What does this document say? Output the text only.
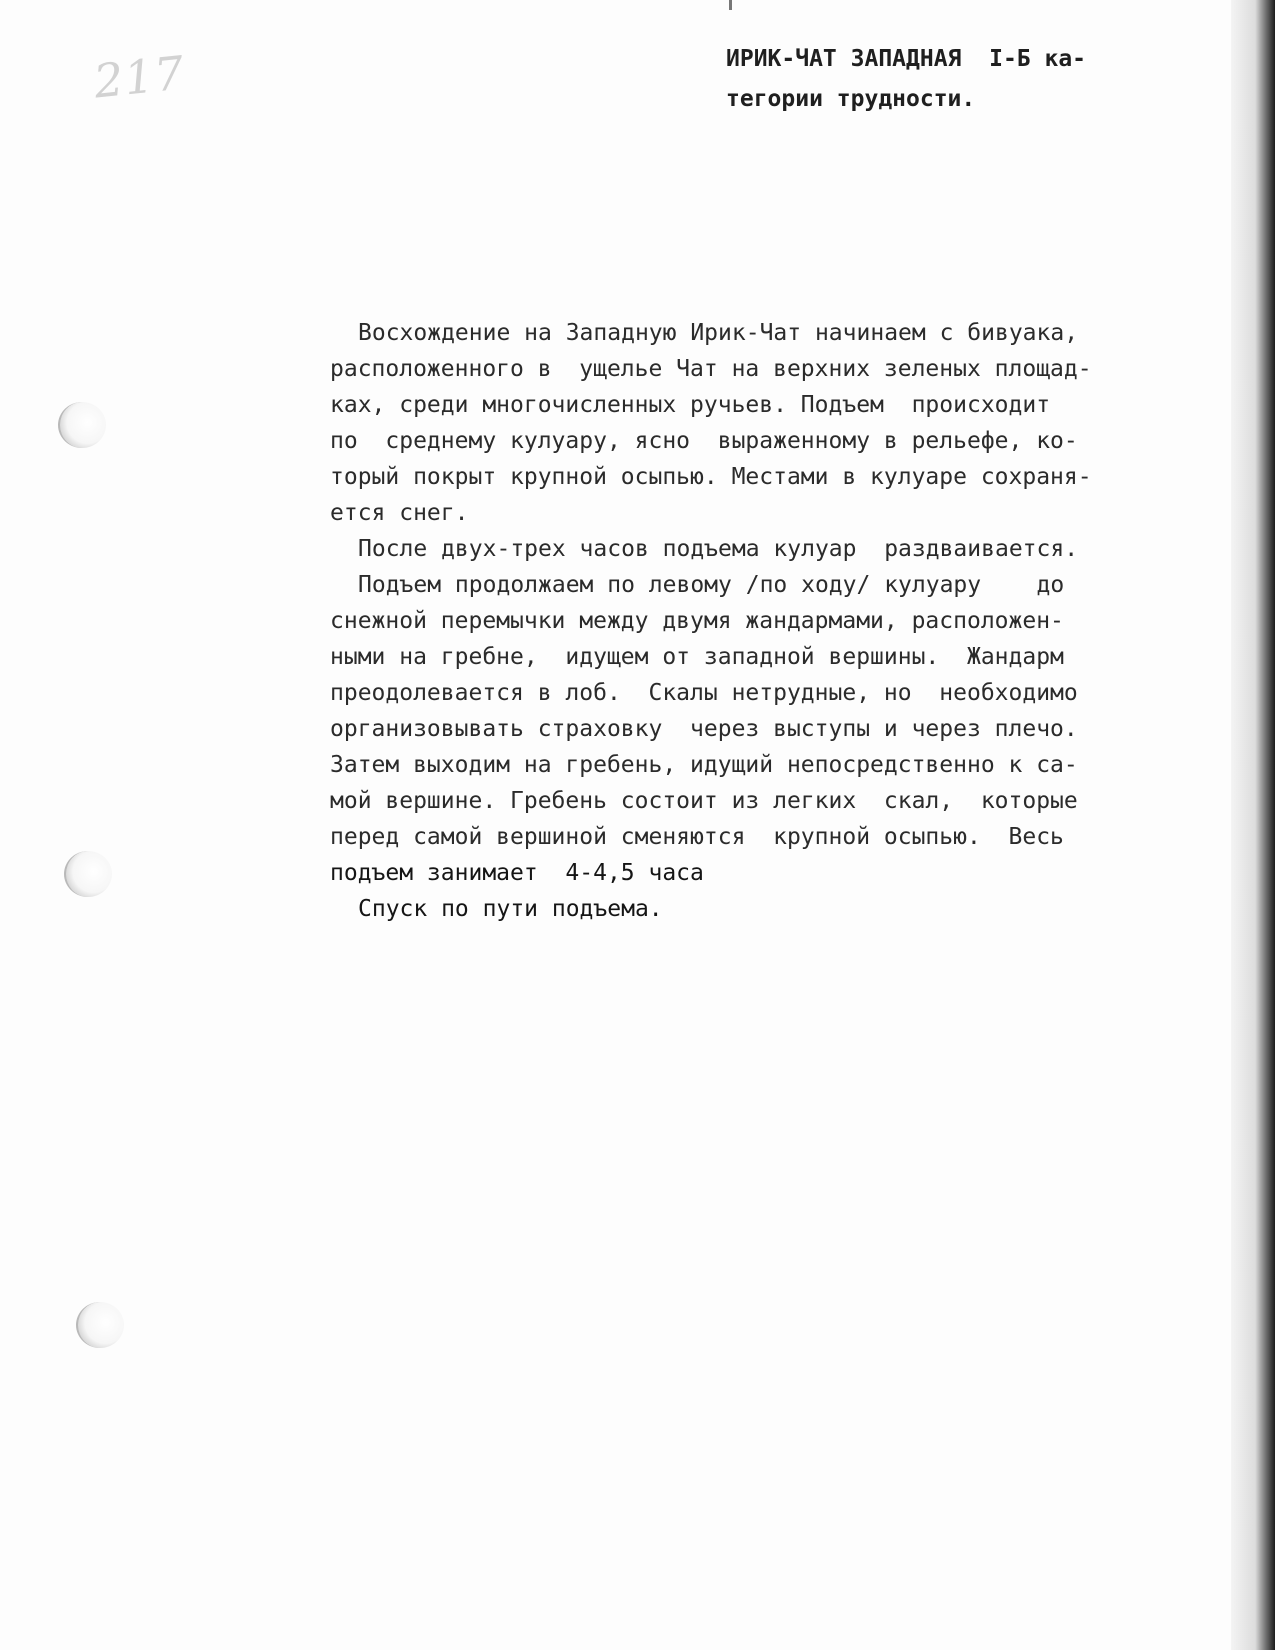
217	ИРИК-ЧАТ ЗАПАДНАЯ  I-Б ка-

тегории трудности.

Восхождение на Западную Ирик-Чат начинаем с бивуака,

расположенного в  ущелье Чат на верхних зеленых площад-

ках, среди многочисленных ручьев. Подъем  происходит

по  среднему кулуару, ясно  выраженному в рельефе, ко-

торый покрыт крупной осыпью. Местами в кулуаре сохраня-

ется снег.

После двух-трех часов подъема кулуар  раздваивается.

Подъем продолжаем по левому /по ходу/ кулуару    до

снежной перемычки между двумя жандармами, расположен-

ными на гребне,  идущем от западной вершины.  Жандарм

преодолевается в лоб.  Скалы нетрудные, но  необходимо

организовывать страховку  через выступы и через плечо.

Затем выходим на гребень, идущий непосредственно к са-

мой вершине. Гребень состоит из легких  скал,  которые

перед самой вершиной сменяются  крупной осыпью.  Весь

подъем занимает  4-4,5 часа

Спуск по пути подъема.
